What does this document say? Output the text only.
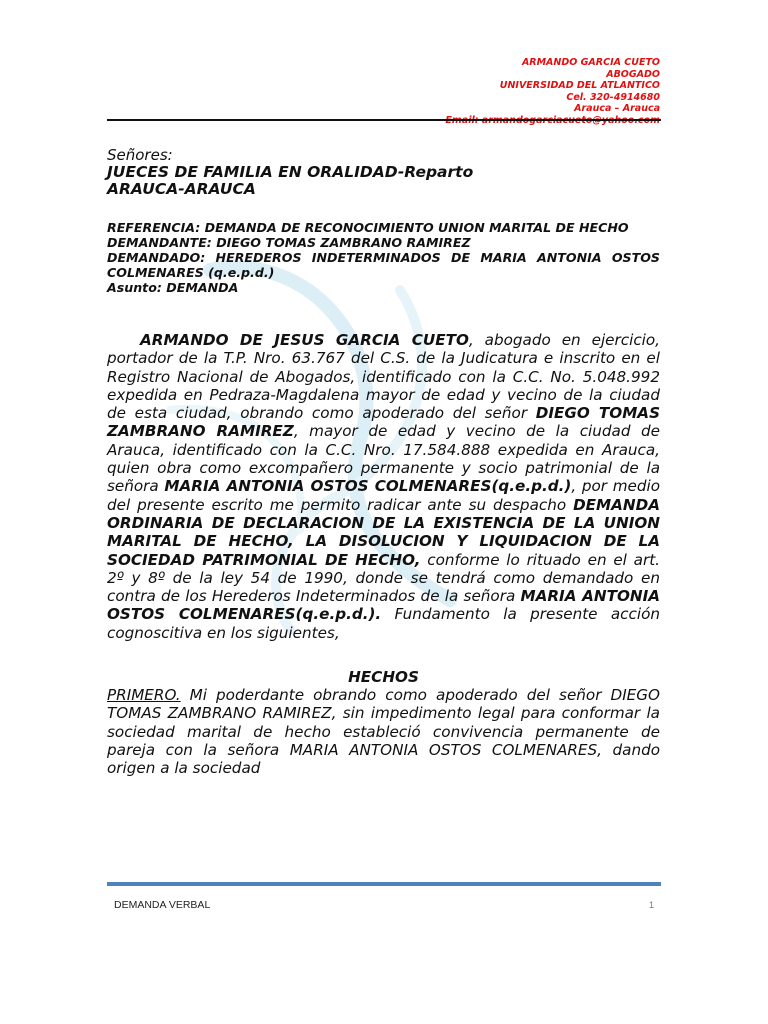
ARMANDO GARCIA CUETO
ABOGADO
UNIVERSIDAD DEL ATLANTICO
Cel. 320-4914680
Arauca – Arauca

Señores:

JUECES DE FAMILIA EN ORALIDAD-Reparto

ARAUCA-ARAUCA

REFERENCIA: DEMANDA DE RECONOCIMIENTO UNION MARITAL DE HECHO

DEMANDANTE: DIEGO TOMAS ZAMBRANO RAMIREZ

DEMANDADO: HEREDEROS INDETERMINADOS DE MARIA ANTONIA OSTOS COLMENARES (q.e.p.d.)

Asunto: DEMANDA

ARMANDO DE JESUS GARCIA CUETO, abogado en ejercicio, portador de la T.P. Nro. 63.767 del C.S. de la Judicatura e inscrito en el Registro Nacional de Abogados, identificado con la C.C. No. 5.048.992 expedida en Pedraza-Magdalena mayor de edad y vecino de la ciudad de esta ciudad, obrando como apoderado del señor DIEGO TOMAS ZAMBRANO RAMIREZ, mayor de edad y vecino de la ciudad de Arauca, identificado con la C.C. Nro. 17.584.888 expedida en Arauca, quien obra como excompañero permanente y socio patrimonial de la señora MARIA ANTONIA OSTOS COLMENARES(q.e.p.d.), por medio del presente escrito me permito radicar ante su despacho DEMANDA ORDINARIA DE DECLARACION DE LA EXISTENCIA DE LA UNION MARITAL DE HECHO, LA DISOLUCION Y LIQUIDACION DE LA SOCIEDAD PATRIMONIAL DE HECHO, conforme lo rituado en el art. 2º y 8º de la ley 54 de 1990, donde se tendrá como demandado en contra de los Herederos Indeterminados de la señora MARIA ANTONIA OSTOS COLMENARES(q.e.p.d.). Fundamento la presente acción cognoscitiva en los siguientes,

HECHOS

PRIMERO. Mi poderdante obrando como apoderado del señor DIEGO TOMAS ZAMBRANO RAMIREZ, sin impedimento legal para conformar la sociedad marital de hecho estableció convivencia permanente de pareja con la señora MARIA ANTONIA OSTOS COLMENARES, dando origen a la sociedad

DEMANDA VERBAL	1
